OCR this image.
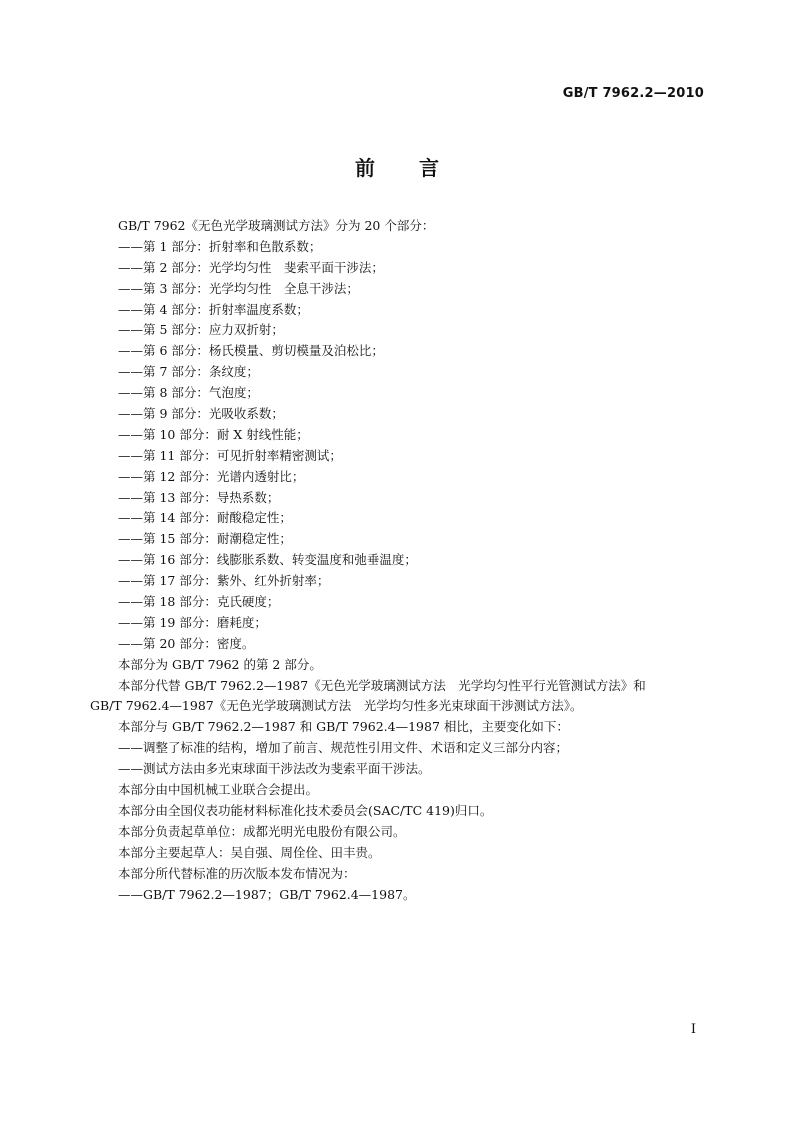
GB/T 7962.2—2010
前 言
GB/T 7962《无色光学玻璃测试方法》分为 20 个部分：
——第 1 部分：折射率和色散系数；
——第 2 部分：光学均匀性　斐索平面干涉法；
——第 3 部分：光学均匀性　全息干涉法；
——第 4 部分：折射率温度系数；
——第 5 部分：应力双折射；
——第 6 部分：杨氏模量、剪切模量及泊松比；
——第 7 部分：条纹度；
——第 8 部分：气泡度；
——第 9 部分：光吸收系数；
——第 10 部分：耐 X 射线性能；
——第 11 部分：可见折射率精密测试；
——第 12 部分：光谱内透射比；
——第 13 部分：导热系数；
——第 14 部分：耐酸稳定性；
——第 15 部分：耐潮稳定性；
——第 16 部分：线膨胀系数、转变温度和弛垂温度；
——第 17 部分：紫外、红外折射率；
——第 18 部分：克氏硬度；
——第 19 部分：磨耗度；
——第 20 部分：密度。
本部分为 GB/T 7962 的第 2 部分。
本部分代替 GB/T 7962.2—1987《无色光学玻璃测试方法　光学均匀性平行光管测试方法》和
GB/T 7962.4—1987《无色光学玻璃测试方法　光学均匀性多光束球面干涉测试方法》。
本部分与 GB/T 7962.2—1987 和 GB/T 7962.4—1987 相比，主要变化如下：
——调整了标准的结构，增加了前言、规范性引用文件、术语和定义三部分内容；
——测试方法由多光束球面干涉法改为斐索平面干涉法。
本部分由中国机械工业联合会提出。
本部分由全国仪表功能材料标准化技术委员会(SAC/TC 419)归口。
本部分负责起草单位：成都光明光电股份有限公司。
本部分主要起草人：吴自强、周佺佺、田丰贵。
本部分所代替标准的历次版本发布情况为：
——GB/T 7962.2—1987；GB/T 7962.4—1987。
I
